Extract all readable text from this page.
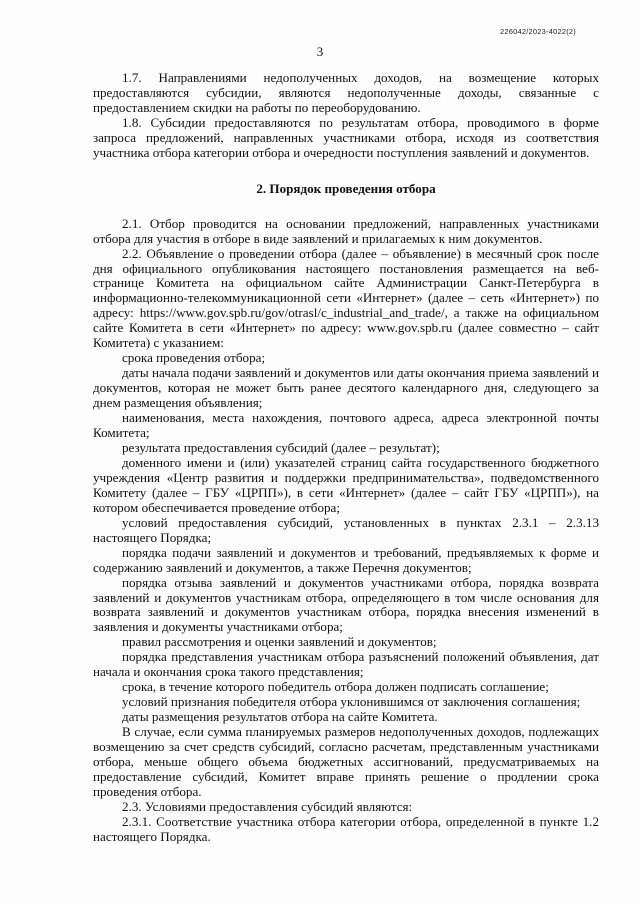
226042/2023-4022(2)
3

1.7. Направлениями недополученных доходов, на возмещение которых предоставляются субсидии, являются недополученные доходы, связанные с предоставлением скидки на работы по переоборудованию.

1.8. Субсидии предоставляются по результатам отбора, проводимого в форме запроса предложений, направленных участниками отбора, исходя из соответствия участника отбора категории отбора и очередности поступления заявлений и документов.

2. Порядок проведения отбора

2.1. Отбор проводится на основании предложений, направленных участниками отбора для участия в отборе в виде заявлений и прилагаемых к ним документов.

2.2. Объявление о проведении отбора (далее – объявление) в месячный срок после дня официального опубликования настоящего постановления размещается на веб-странице Комитета на официальном сайте Администрации Санкт-Петербурга в информационно-телекоммуникационной сети «Интернет» (далее – сеть «Интернет») по адресу: https://www.gov.spb.ru/gov/otrasl/c_industrial_and_trade/, а также на официальном сайте Комитета в сети «Интернет» по адресу: www.gov.spb.ru (далее совместно – сайт Комитета) с указанием:

срока проведения отбора;

даты начала подачи заявлений и документов или даты окончания приема заявлений и документов, которая не может быть ранее десятого календарного дня, следующего за днем размещения объявления;

наименования, места нахождения, почтового адреса, адреса электронной почты Комитета;

результата предоставления субсидий (далее – результат);

доменного имени и (или) указателей страниц сайта государственного бюджетного учреждения «Центр развития и поддержки предпринимательства», подведомственного Комитету (далее – ГБУ «ЦРПП»), в сети «Интернет» (далее – сайт ГБУ «ЦРПП»), на котором обеспечивается проведение отбора;

условий предоставления субсидий, установленных в пунктах 2.3.1 – 2.3.13 настоящего Порядка;

порядка подачи заявлений и документов и требований, предъявляемых к форме и содержанию заявлений и документов, а также Перечня документов;

порядка отзыва заявлений и документов участниками отбора, порядка возврата заявлений и документов участникам отбора, определяющего в том числе основания для возврата заявлений и документов участникам отбора, порядка внесения изменений в заявления и документы участниками отбора;

правил рассмотрения и оценки заявлений и документов;

порядка представления участникам отбора разъяснений положений объявления, дат начала и окончания срока такого представления;

срока, в течение которого победитель отбора должен подписать соглашение;

условий признания победителя отбора уклонившимся от заключения соглашения;

даты размещения результатов отбора на сайте Комитета.

В случае, если сумма планируемых размеров недополученных доходов, подлежащих возмещению за счет средств субсидий, согласно расчетам, представленным участниками отбора, меньше общего объема бюджетных ассигнований, предусматриваемых на предоставление субсидий, Комитет вправе принять решение о продлении срока проведения отбора.

2.3. Условиями предоставления субсидий являются:

2.3.1. Соответствие участника отбора категории отбора, определенной в пункте 1.2 настоящего Порядка.
